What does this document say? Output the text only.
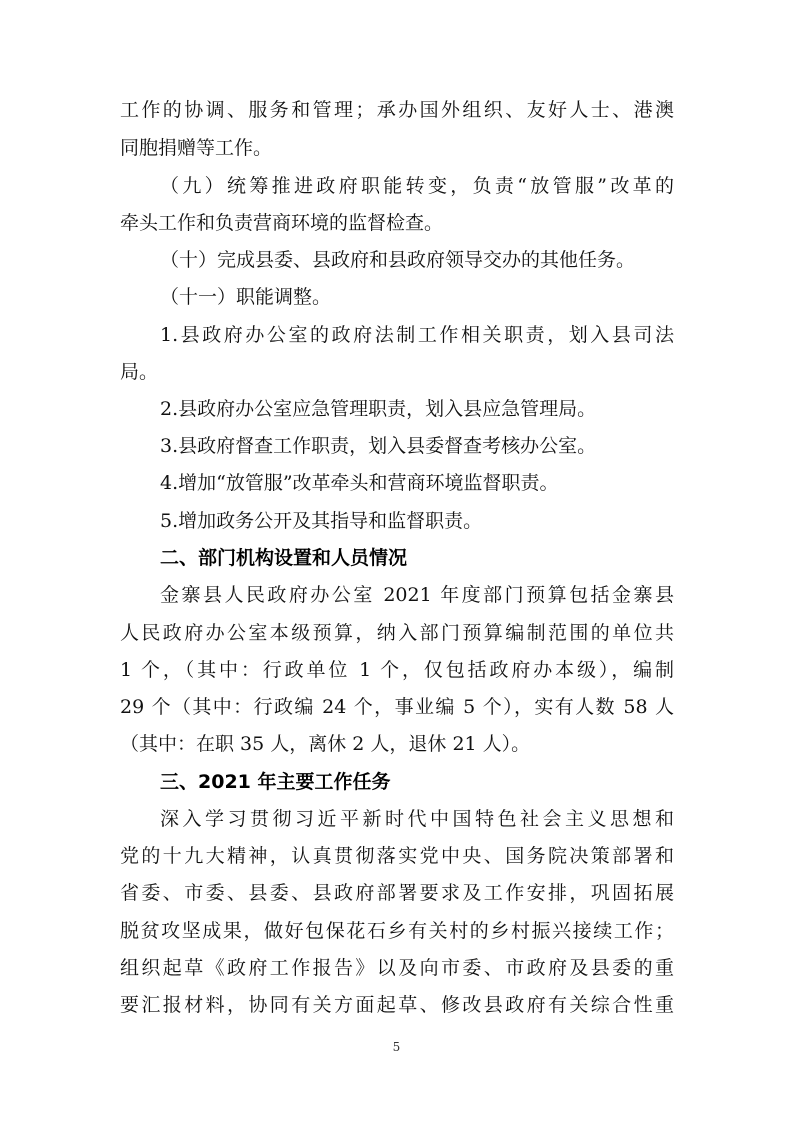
工作的协调、服务和管理；承办国外组织、友好人士、港澳
同胞捐赠等工作。
（九）统筹推进政府职能转变，负责“放管服”改革的
牵头工作和负责营商环境的监督检查。
（十）完成县委、县政府和县政府领导交办的其他任务。
（十一）职能调整。
1.县政府办公室的政府法制工作相关职责，划入县司法
局。
2.县政府办公室应急管理职责，划入县应急管理局。
3.县政府督查工作职责，划入县委督查考核办公室。
4.增加“放管服”改革牵头和营商环境监督职责。
5.增加政务公开及其指导和监督职责。
二、部门机构设置和人员情况
金寨县人民政府办公室 2021 年度部门预算包括金寨县
人民政府办公室本级预算，纳入部门预算编制范围的单位共
1 个，（其中：行政单位 1 个，仅包括政府办本级），编制
29 个（其中：行政编 24 个，事业编 5 个），实有人数 58 人
（其中：在职 35 人，离休 2 人，退休 21 人）。
三、2021 年主要工作任务
深入学习贯彻习近平新时代中国特色社会主义思想和
党的十九大精神，认真贯彻落实党中央、国务院决策部署和
省委、市委、县委、县政府部署要求及工作安排，巩固拓展
脱贫攻坚成果，做好包保花石乡有关村的乡村振兴接续工作；
组织起草《政府工作报告》以及向市委、市政府及县委的重
要汇报材料，协同有关方面起草、修改县政府有关综合性重
5
